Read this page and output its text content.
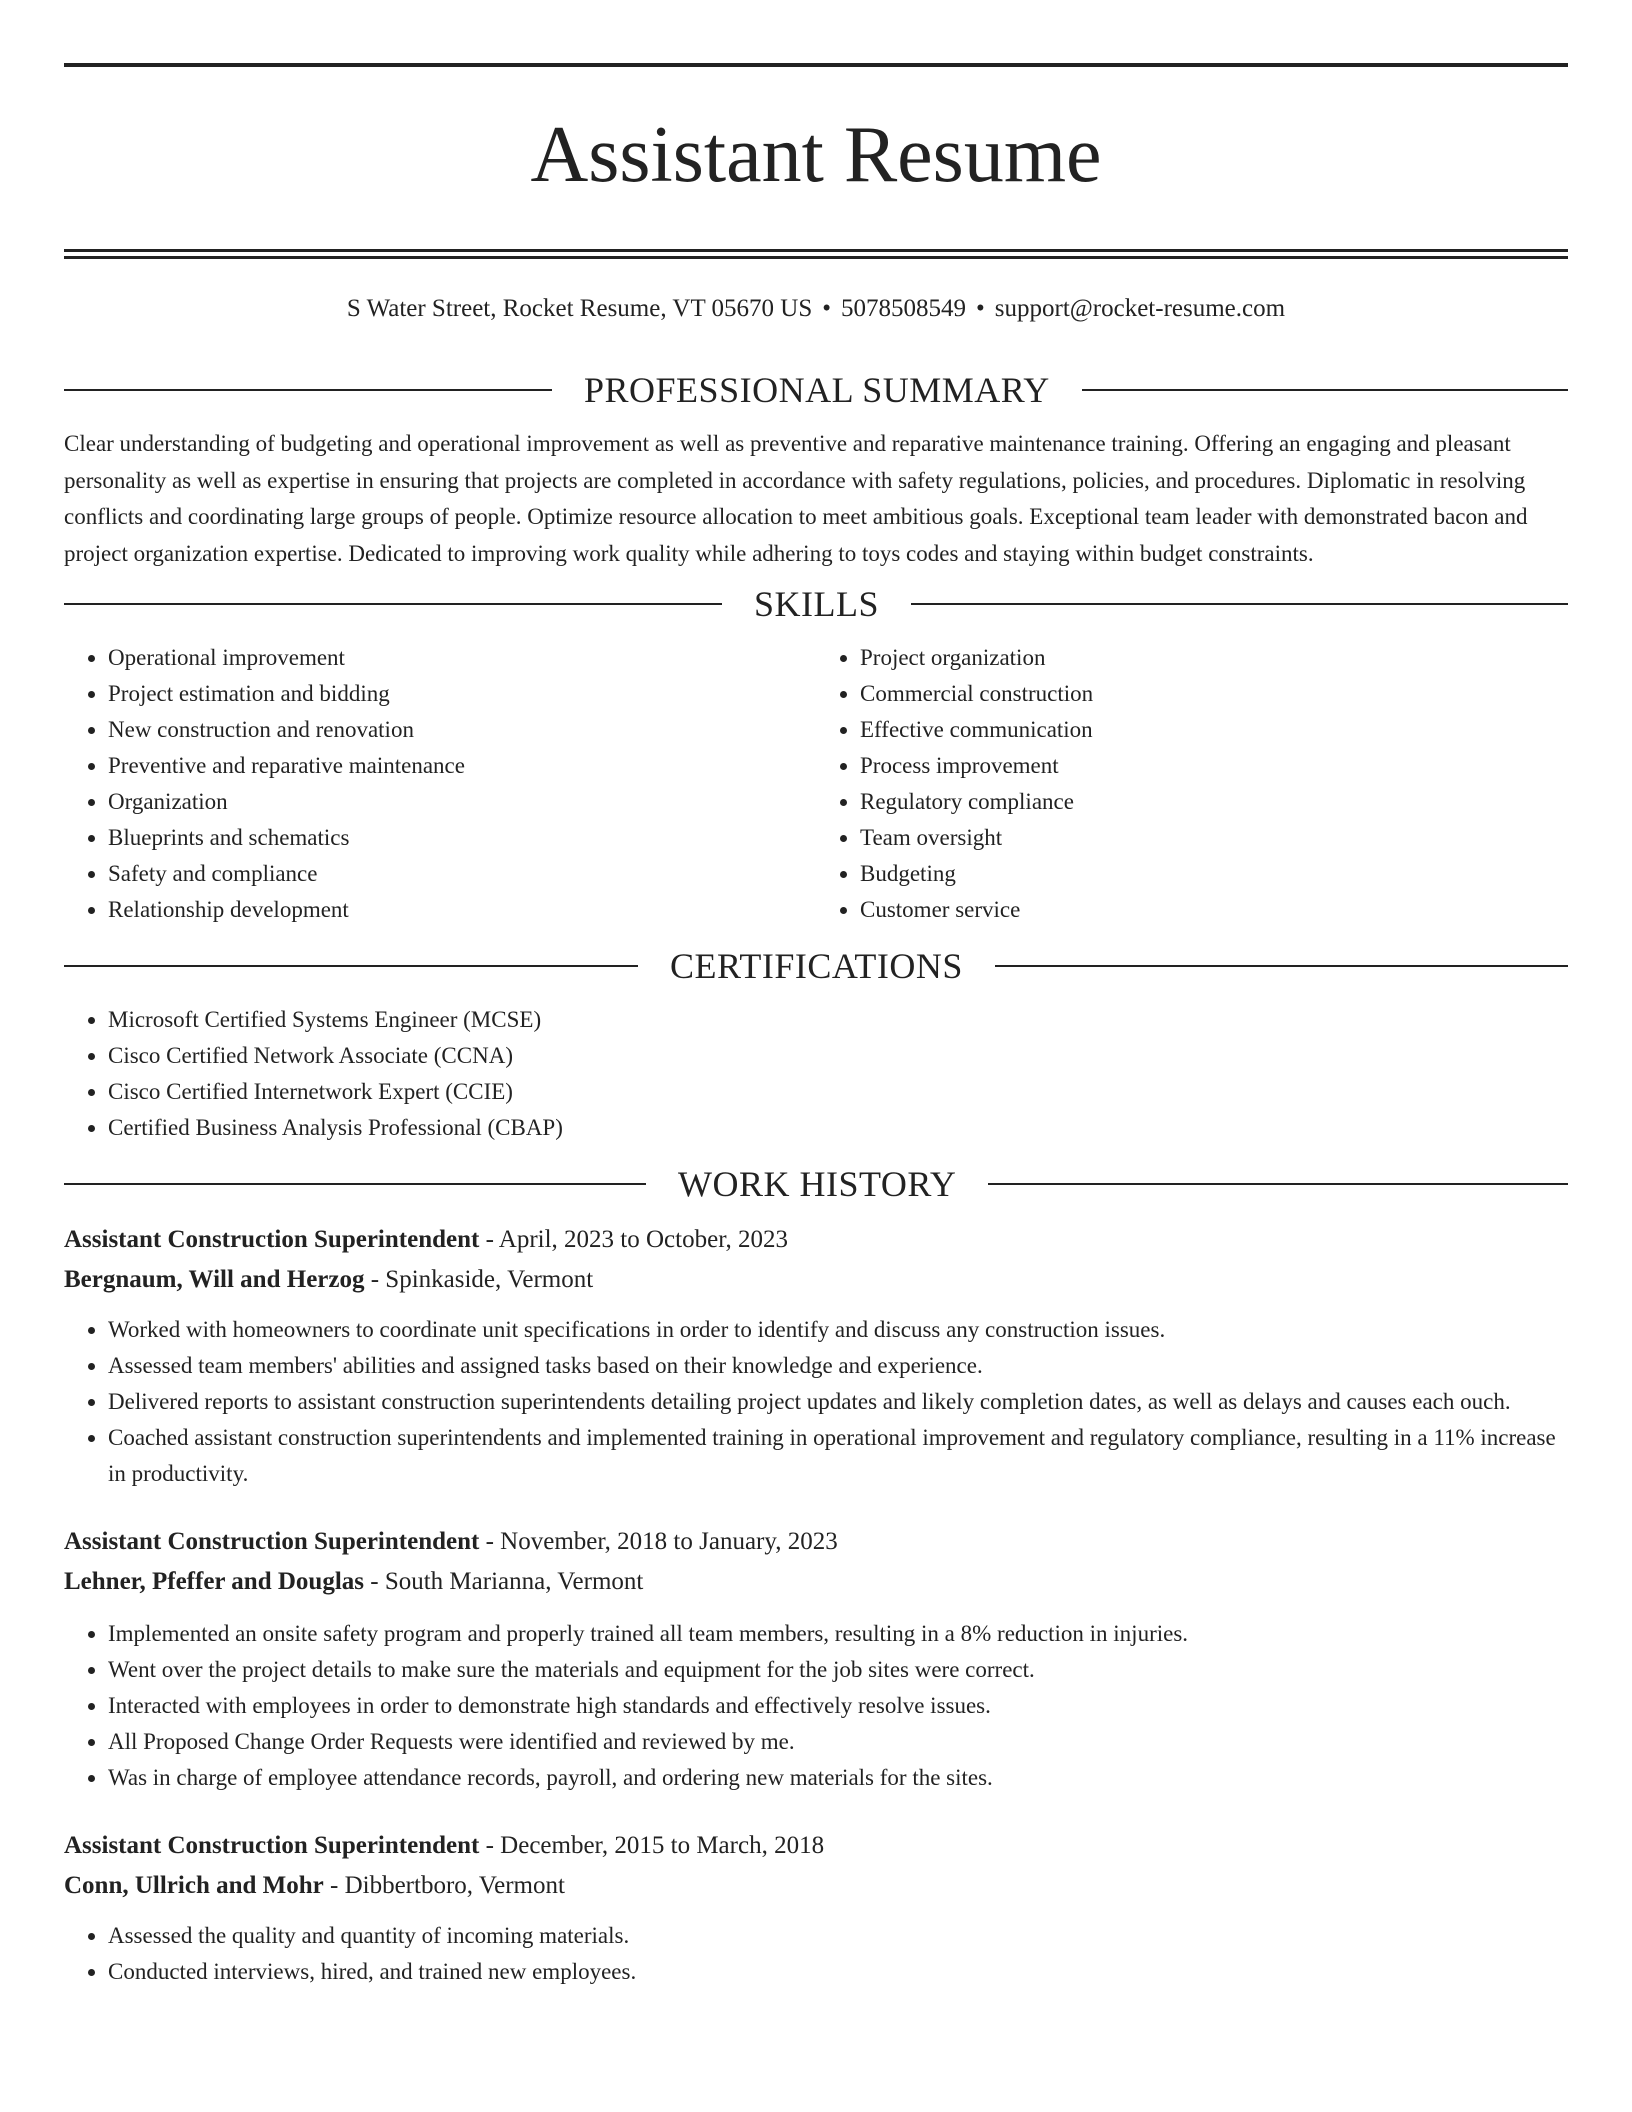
Assistant Resume
S Water Street, Rocket Resume, VT 05670 US • 5078508549 • support@rocket-resume.com
PROFESSIONAL SUMMARY

Clear understanding of budgeting and operational improvement as well as preventive and reparative maintenance training. Offering an engaging and pleasant personality as well as expertise in ensuring that projects are completed in accordance with safety regulations, policies, and procedures. Diplomatic in resolving conflicts and coordinating large groups of people. Optimize resource allocation to meet ambitious goals. Exceptional team leader with demonstrated bacon and project organization expertise. Dedicated to improving work quality while adhering to toys codes and staying within budget constraints.

SKILLS
• Operational improvement
• Project estimation and bidding
• New construction and renovation
• Preventive and reparative maintenance
• Organization
• Blueprints and schematics
• Safety and compliance
• Relationship development
• Project organization
• Commercial construction
• Effective communication
• Process improvement
• Regulatory compliance
• Team oversight
• Budgeting
• Customer service
CERTIFICATIONS
• Microsoft Certified Systems Engineer (MCSE)
• Cisco Certified Network Associate (CCNA)
• Cisco Certified Internetwork Expert (CCIE)
• Certified Business Analysis Professional (CBAP)
WORK HISTORY
Assistant Construction Superintendent - April, 2023 to October, 2023
Bergnaum, Will and Herzog - Spinkaside, Vermont
• Worked with homeowners to coordinate unit specifications in order to identify and discuss any construction issues.
• Assessed team members' abilities and assigned tasks based on their knowledge and experience.
• Delivered reports to assistant construction superintendents detailing project updates and likely completion dates, as well as delays and causes each ouch.
• Coached assistant construction superintendents and implemented training in operational improvement and regulatory compliance, resulting in a 11% increase in productivity.
Assistant Construction Superintendent - November, 2018 to January, 2023
Lehner, Pfeffer and Douglas - South Marianna, Vermont
• Implemented an onsite safety program and properly trained all team members, resulting in a 8% reduction in injuries.
• Went over the project details to make sure the materials and equipment for the job sites were correct.
• Interacted with employees in order to demonstrate high standards and effectively resolve issues.
• All Proposed Change Order Requests were identified and reviewed by me.
• Was in charge of employee attendance records, payroll, and ordering new materials for the sites.
Assistant Construction Superintendent - December, 2015 to March, 2018
Conn, Ullrich and Mohr - Dibbertboro, Vermont
• Assessed the quality and quantity of incoming materials.
• Conducted interviews, hired, and trained new employees.
